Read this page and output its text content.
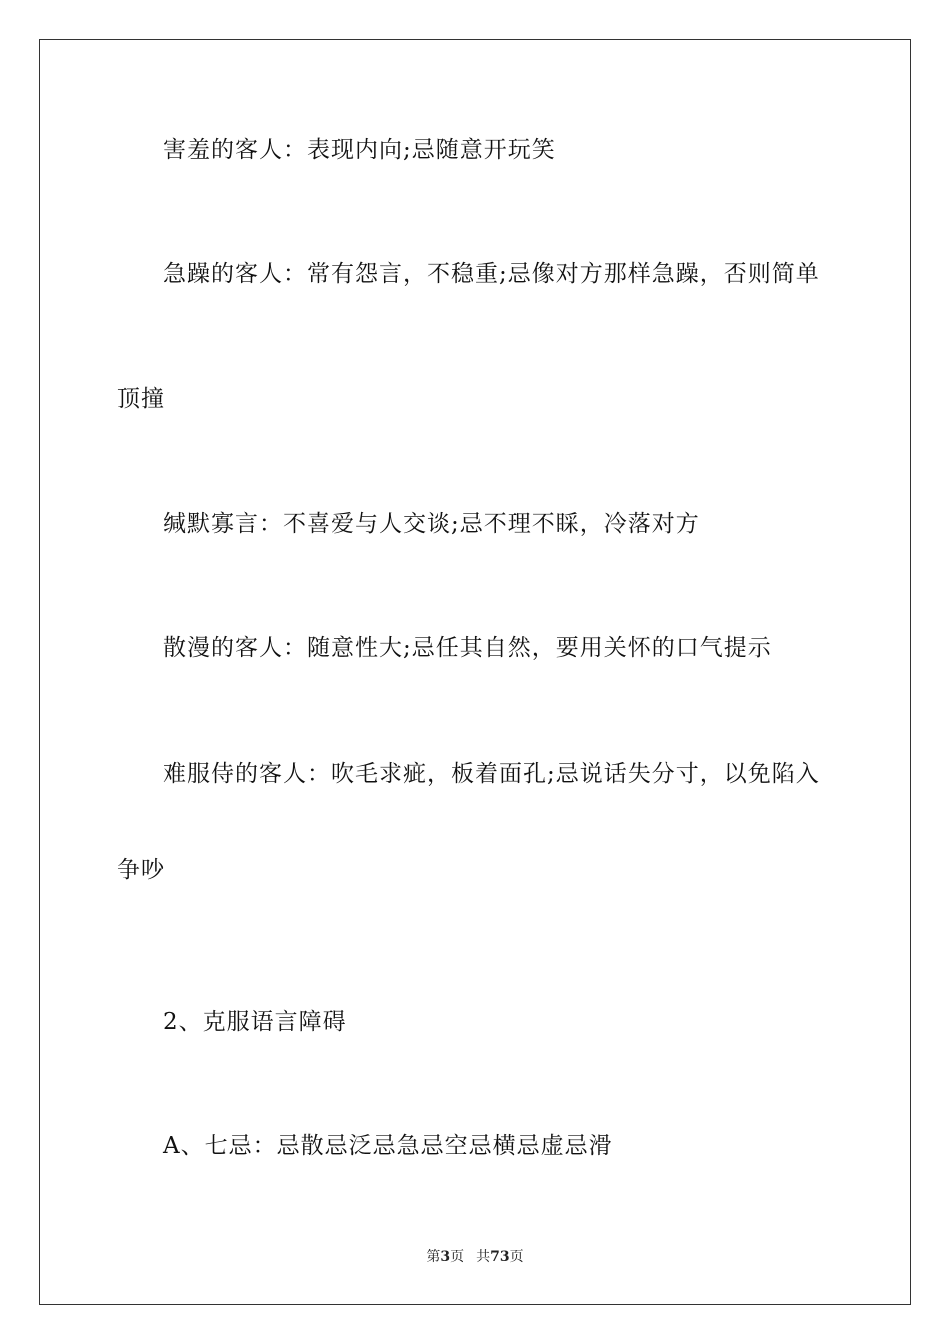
害羞的客人：表现内向;忌随意开玩笑
急躁的客人：常有怨言，不稳重;忌像对方那样急躁，否则简单
顶撞
缄默寡言：不喜爱与人交谈;忌不理不睬，冷落对方
散漫的客人：随意性大;忌任其自然，要用关怀的口气提示
难服侍的客人：吹毛求疵，板着面孔;忌说话失分寸，以免陷入
争吵
2、克服语言障碍
A、七忌：忌散忌泛忌急忌空忌横忌虚忌滑
第3页 共73页
